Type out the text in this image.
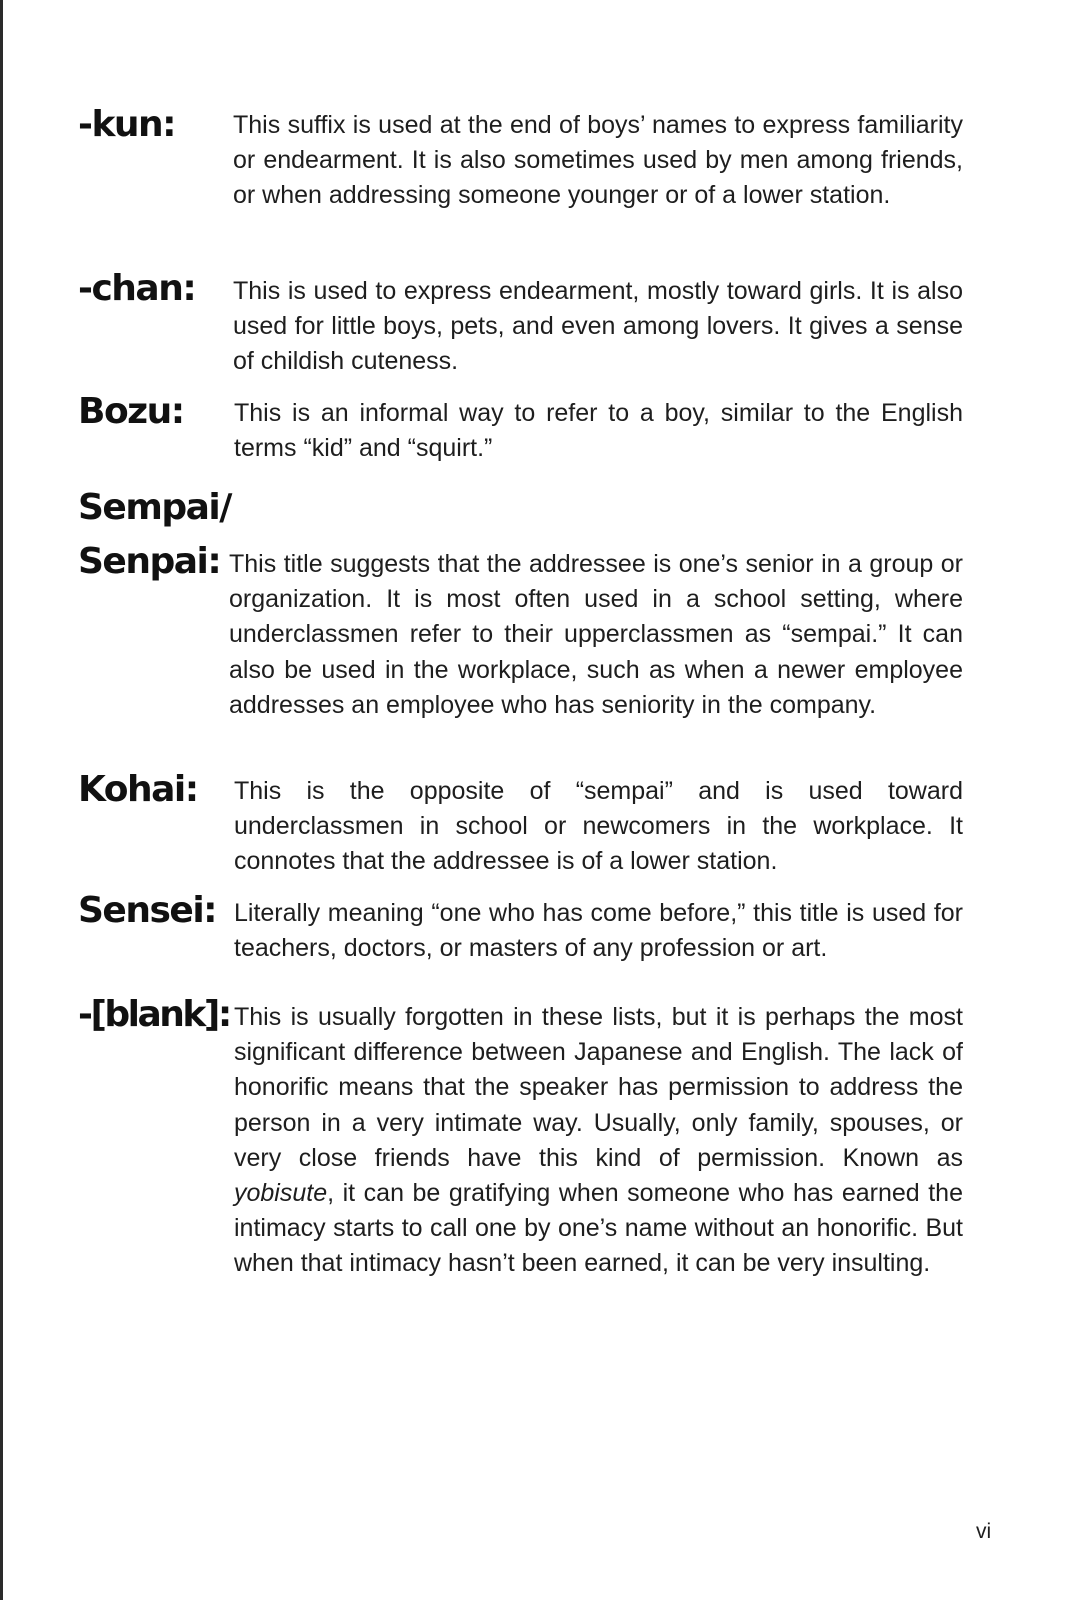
-kun: This suffix is used at the end of boys’ names to express familiarity or endearment. It is also sometimes used by men among friends, or when addressing someone younger or of a lower station.

-chan: This is used to express endearment, mostly toward girls. It is also used for little boys, pets, and even among lovers. It gives a sense of childish cuteness.

Bozu: This is an informal way to refer to a boy, similar to the English terms “kid” and “squirt.”

Sempai/
Senpai: This title suggests that the addressee is one’s senior in a group or organization. It is most often used in a school setting, where underclassmen refer to their upperclassmen as “sempai.” It can also be used in the workplace, such as when a newer employee addresses an employee who has seniority in the company.

Kohai: This is the opposite of “sempai” and is used toward underclassmen in school or newcomers in the workplace. It connotes that the addressee is of a lower station.

Sensei: Literally meaning “one who has come before,” this title is used for teachers, doctors, or masters of any profession or art.

-[blank]: This is usually forgotten in these lists, but it is perhaps the most significant difference between Japanese and English. The lack of honorific means that the speaker has permission to address the person in a very intimate way. Usually, only family, spouses, or very close friends have this kind of permission. Known as yobisute, it can be gratifying when someone who has earned the intimacy starts to call one by one’s name without an honorific. But when that intimacy hasn’t been earned, it can be very insulting.

vi
